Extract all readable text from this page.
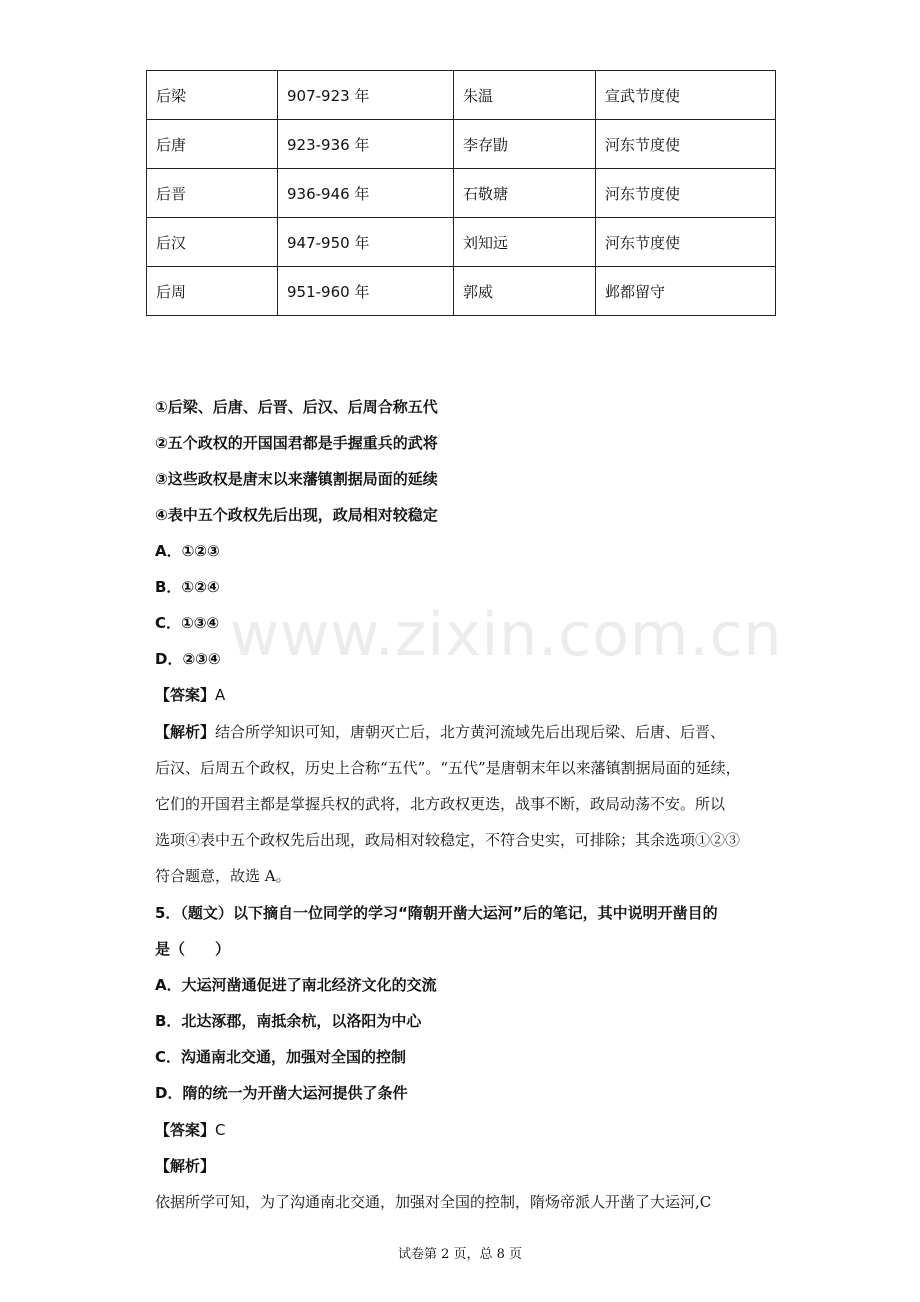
后梁	907-923 年	朱温	宣武节度使
后唐	923-936 年	李存勖	河东节度使
后晋	936-946 年	石敬瑭	河东节度使
后汉	947-950 年	刘知远	河东节度使
后周	951-960 年	郭威	邺都留守
www.zixin.com.cn
①后梁、后唐、后晋、后汉、后周合称五代
②五个政权的开国国君都是手握重兵的武将
③这些政权是唐末以来藩镇割据局面的延续
④表中五个政权先后出现，政局相对较稳定
A．①②③
B．①②④
C．①③④
D．②③④
【答案】A
【解析】结合所学知识可知，唐朝灭亡后，北方黄河流域先后出现后梁、后唐、后晋、
后汉、后周五个政权，历史上合称“五代”。“五代”是唐朝末年以来藩镇割据局面的延续，
它们的开国君主都是掌握兵权的武将，北方政权更迭，战事不断，政局动荡不安。所以
选项④表中五个政权先后出现，政局相对较稳定，不符合史实，可排除；其余选项①②③
符合题意，故选 A。
5．（题文）以下摘自一位同学的学习“隋朝开凿大运河”后的笔记，其中说明开凿目的
是（　　）
A．大运河凿通促进了南北经济文化的交流
B．北达涿郡，南抵余杭，以洛阳为中心
C．沟通南北交通，加强对全国的控制
D．隋的统一为开凿大运河提供了条件
【答案】C
【解析】
依据所学可知，为了沟通南北交通，加强对全国的控制，隋炀帝派人开凿了大运河,C
试卷第 2 页，总 8 页
